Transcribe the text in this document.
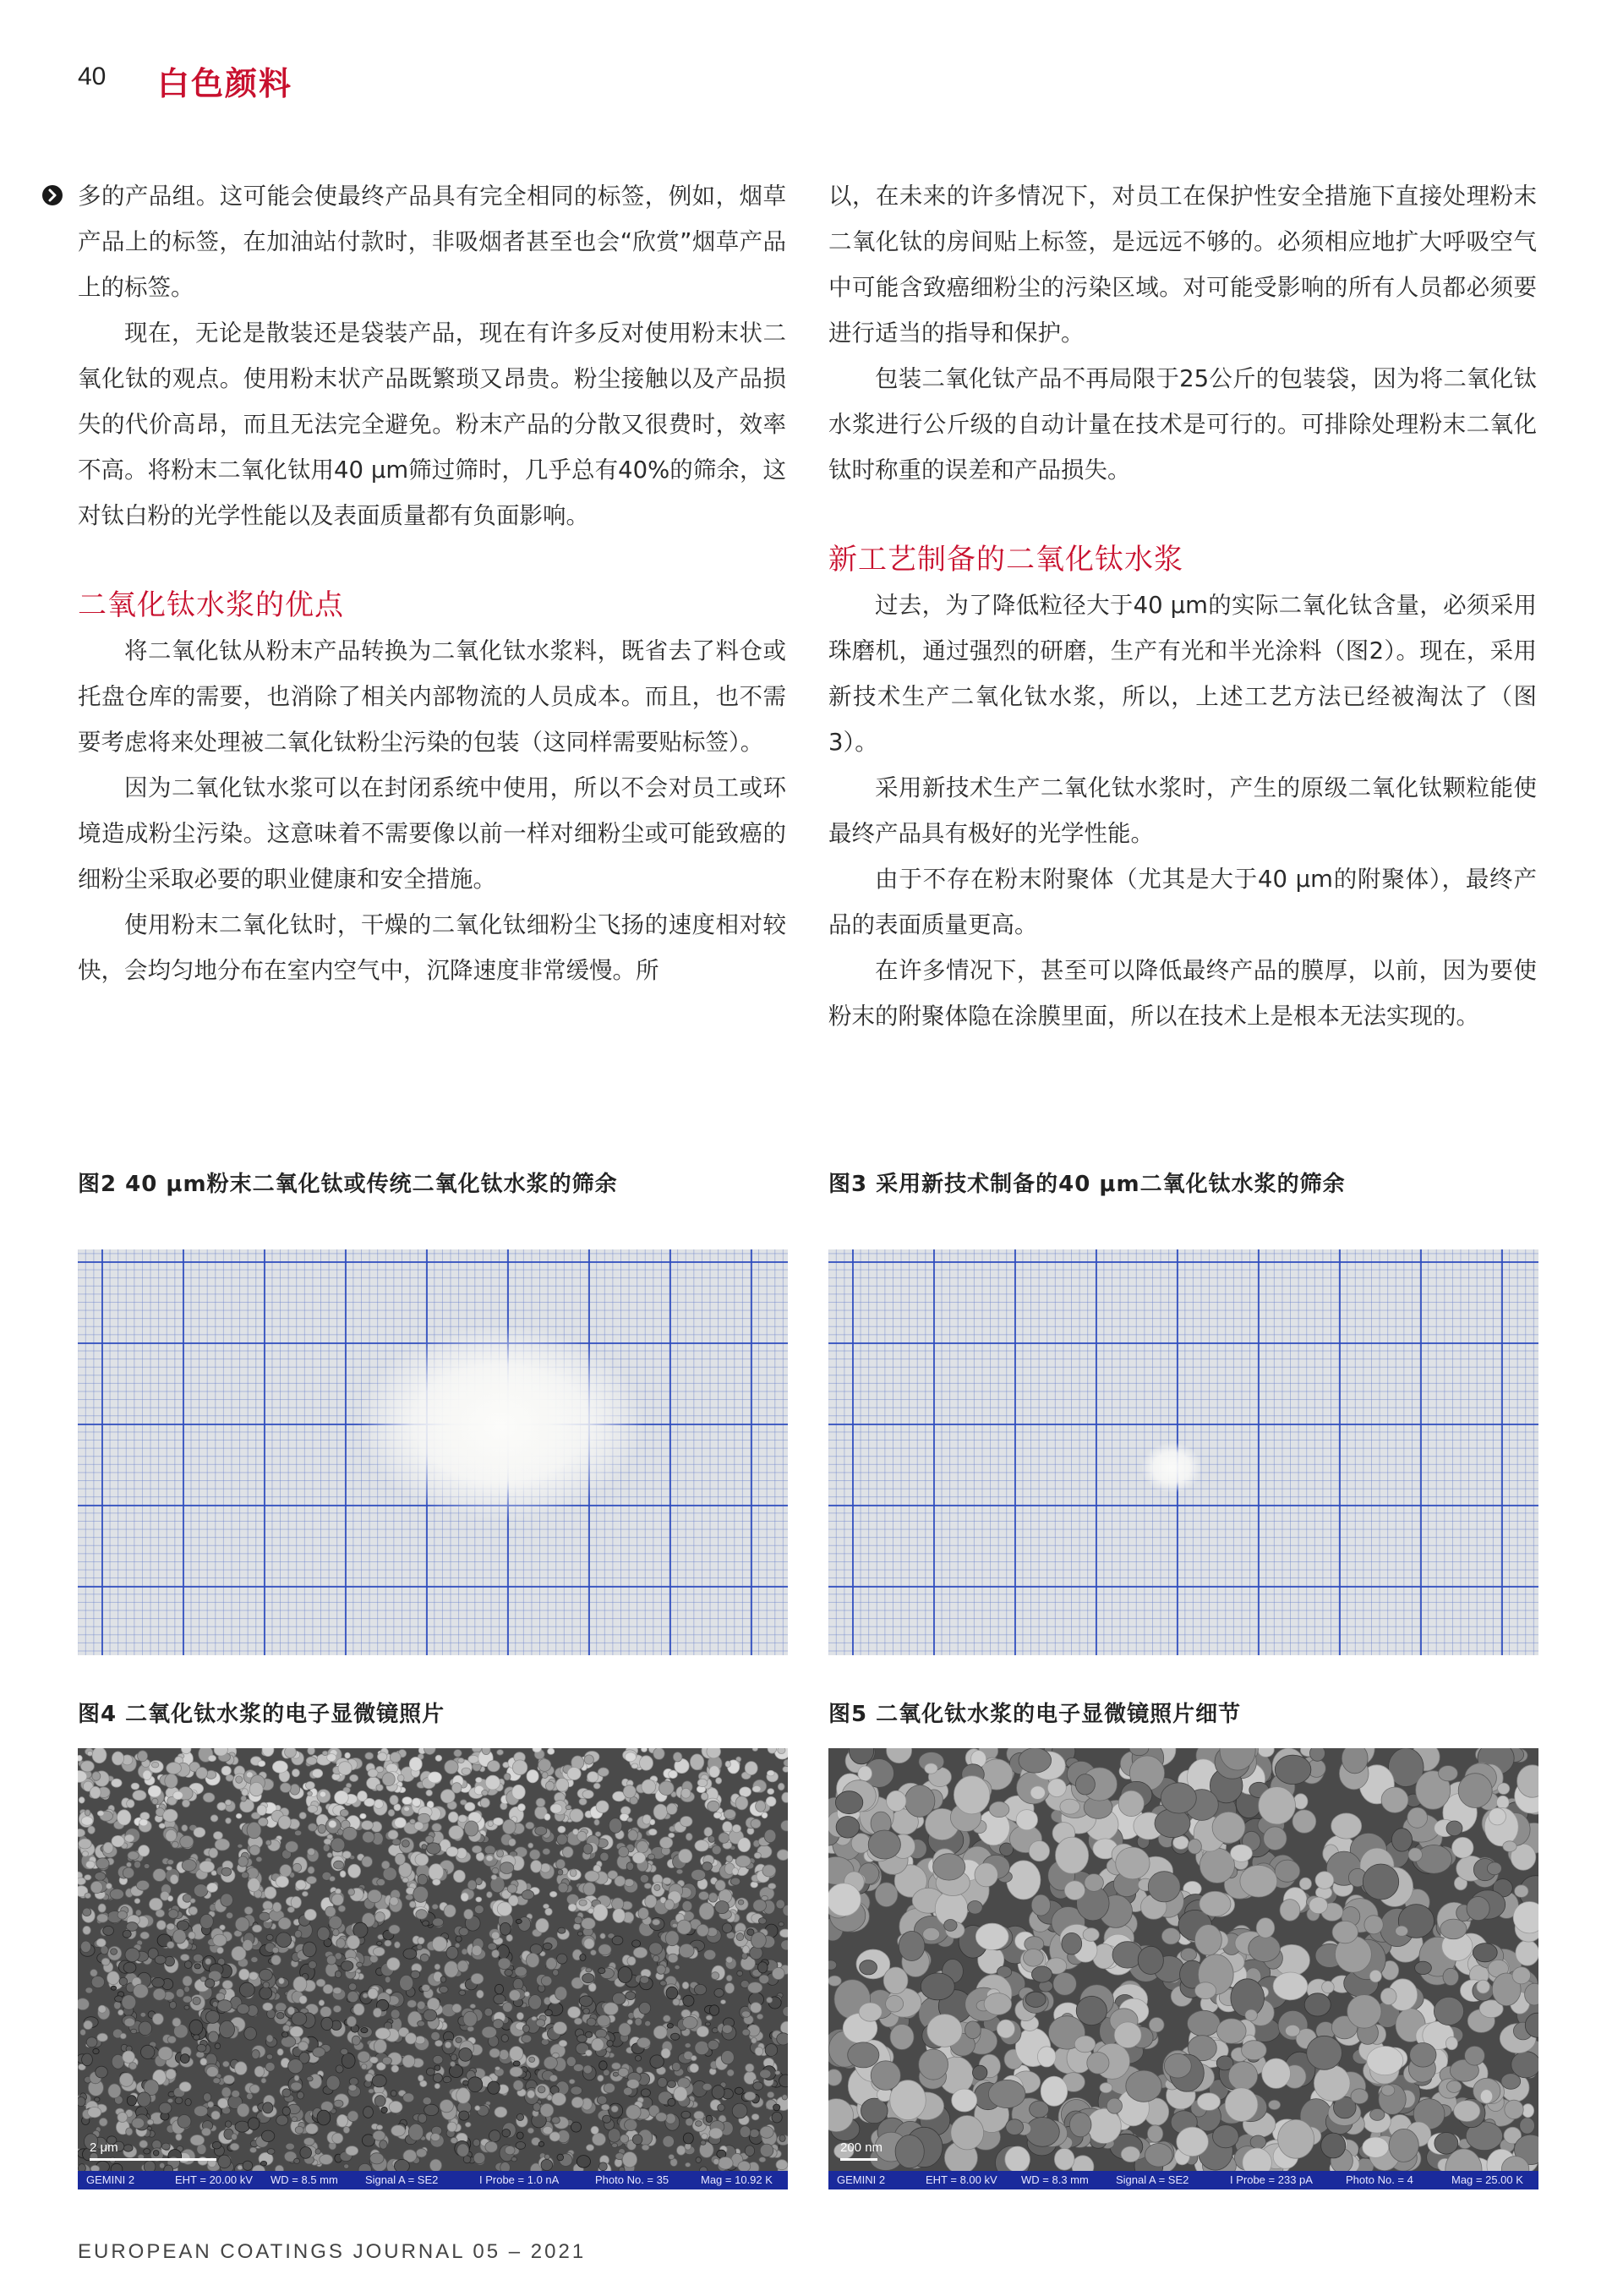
40 白色颜料

多的产品组。这可能会使最终产品具有完全相同的标签，例如，烟草产品上的标签，在加油站付款时，非吸烟者甚至也会“欣赏”烟草产品上的标签。

现在，无论是散装还是袋装产品，现在有许多反对使用粉末状二氧化钛的观点。使用粉末状产品既繁琐又昂贵。粉尘接触以及产品损失的代价高昂，而且无法完全避免。粉末产品的分散又很费时，效率不高。将粉末二氧化钛用40 μm筛过筛时，几乎总有40%的筛余，这对钛白粉的光学性能以及表面质量都有负面影响。

二氧化钛水浆的优点

将二氧化钛从粉末产品转换为二氧化钛水浆料，既省去了料仓或托盘仓库的需要，也消除了相关内部物流的人员成本。而且，也不需要考虑将来处理被二氧化钛粉尘污染的包装（这同样需要贴标签）。

因为二氧化钛水浆可以在封闭系统中使用，所以不会对员工或环境造成粉尘污染。这意味着不需要像以前一样对细粉尘或可能致癌的细粉尘采取必要的职业健康和安全措施。

使用粉末二氧化钛时，干燥的二氧化钛细粉尘飞扬的速度相对较快，会均匀地分布在室内空气中，沉降速度非常缓慢。所

以，在未来的许多情况下，对员工在保护性安全措施下直接处理粉末二氧化钛的房间贴上标签，是远远不够的。必须相应地扩大呼吸空气中可能含致癌细粉尘的污染区域。对可能受影响的所有人员都必须要进行适当的指导和保护。

包装二氧化钛产品不再局限于25公斤的包装袋，因为将二氧化钛水浆进行公斤级的自动计量在技术是可行的。可排除处理粉末二氧化钛时称重的误差和产品损失。

新工艺制备的二氧化钛水浆

过去，为了降低粒径大于40 μm的实际二氧化钛含量，必须采用珠磨机，通过强烈的研磨，生产有光和半光涂料（图2）。现在，采用新技术生产二氧化钛水浆，所以，上述工艺方法已经被淘汰了（图3）。

采用新技术生产二氧化钛水浆时，产生的原级二氧化钛颗粒能使最终产品具有极好的光学性能。

由于不存在粉末附聚体（尤其是大于40 μm的附聚体），最终产品的表面质量更高。

在许多情况下，甚至可以降低最终产品的膜厚，以前，因为要使粉末的附聚体隐在涂膜里面，所以在技术上是根本无法实现的。

图2 40 μm粉末二氧化钛或传统二氧化钛水浆的筛余	图3 采用新技术制备的40 μm二氧化钛水浆的筛余
图4 二氧化钛水浆的电子显微镜照片	图5 二氧化钛水浆的电子显微镜照片细节
2 μm
GEMINI 2	EHT = 20.00 kV WD = 8.5 mm Signal A = SE2	I Probe = 1.0 nA	Photo No. = 35	Mag = 10.92 K
200 nm
GEMINI 2	EHT = 8.00 kV WD = 8.3 mm Signal A = SE2	I Probe = 233 pA	Photo No. = 4	Mag = 25.00 K
EUROPEAN COATINGS JOURNAL 05 – 2021
